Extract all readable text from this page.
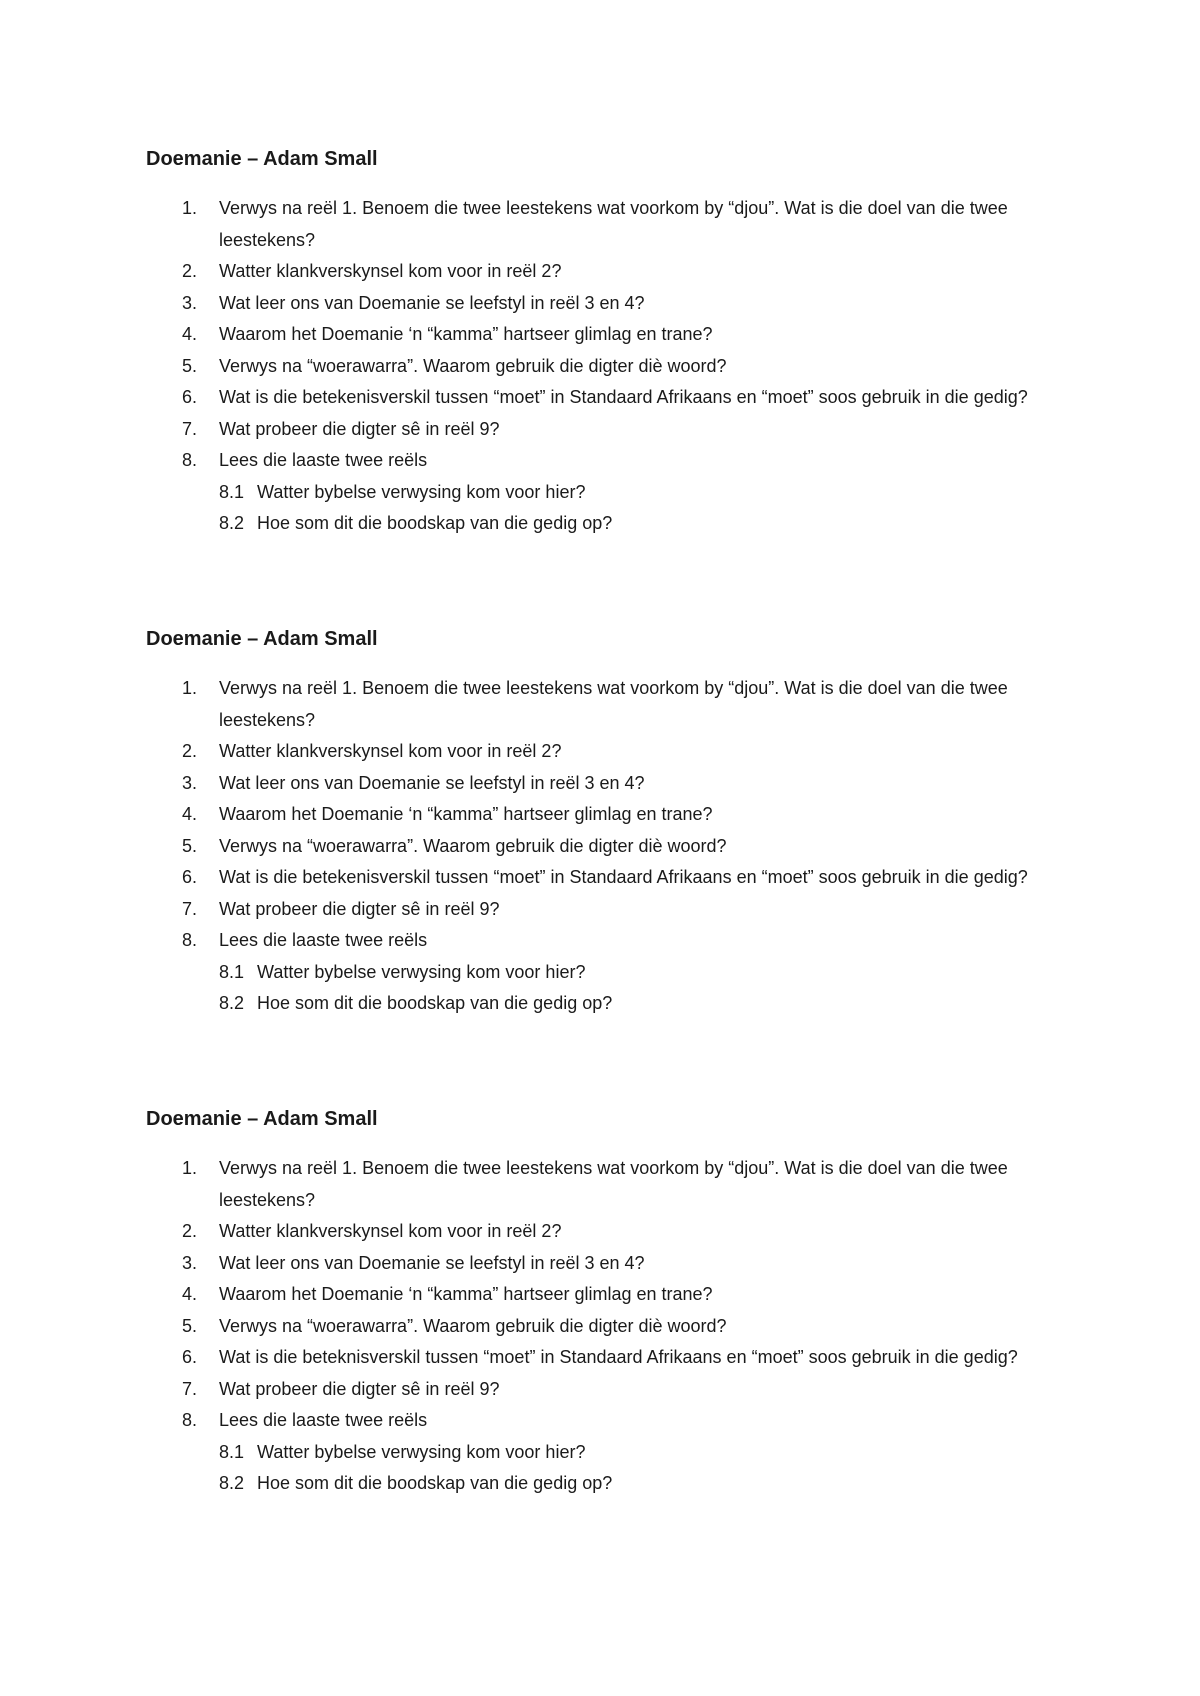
Doemanie – Adam Small
1.	Verwys na reël 1. Benoem die twee leestekens wat voorkom by “djou”. Wat is die doel van die twee leestekens?
2.	Watter klankverskynsel kom voor in reël 2?
3.	Wat leer ons van Doemanie se leefstyl in reël 3 en 4?
4.	Waarom het Doemanie ‘n “kamma” hartseer glimlag en trane?
5.	Verwys na “woerawarra”. Waarom gebruik die digter diè woord?
6.	Wat is die betekenisverskil tussen “moet” in Standaard Afrikaans en “moet” soos gebruik in die gedig?
7.	Wat probeer die digter sê in reël 9?
8.	Lees die laaste twee reëls
8.1 Watter bybelse verwysing kom voor hier?
8.2 Hoe som dit die boodskap van die gedig op?
Doemanie – Adam Small
1.	Verwys na reël 1. Benoem die twee leestekens wat voorkom by “djou”. Wat is die doel van die twee leestekens?
2.	Watter klankverskynsel kom voor in reël 2?
3.	Wat leer ons van Doemanie se leefstyl in reël 3 en 4?
4.	Waarom het Doemanie ‘n “kamma” hartseer glimlag en trane?
5.	Verwys na “woerawarra”. Waarom gebruik die digter diè woord?
6.	Wat is die betekenisverskil tussen “moet” in Standaard Afrikaans en “moet” soos gebruik in die gedig?
7.	Wat probeer die digter sê in reël 9?
8.	Lees die laaste twee reëls
8.1 Watter bybelse verwysing kom voor hier?
8.2 Hoe som dit die boodskap van die gedig op?
Doemanie – Adam Small
1.	Verwys na reël 1. Benoem die twee leestekens wat voorkom by “djou”. Wat is die doel van die twee leestekens?
2.	Watter klankverskynsel kom voor in reël 2?
3.	Wat leer ons van Doemanie se leefstyl in reël 3 en 4?
4.	Waarom het Doemanie ‘n “kamma” hartseer glimlag en trane?
5.	Verwys na “woerawarra”. Waarom gebruik die digter diè woord?
6.	Wat is die beteknisverskil tussen “moet” in Standaard Afrikaans en “moet” soos gebruik in die gedig?
7.	Wat probeer die digter sê in reël 9?
8.	Lees die laaste twee reëls
8.1 Watter bybelse verwysing kom voor hier?
8.2 Hoe som dit die boodskap van die gedig op?
